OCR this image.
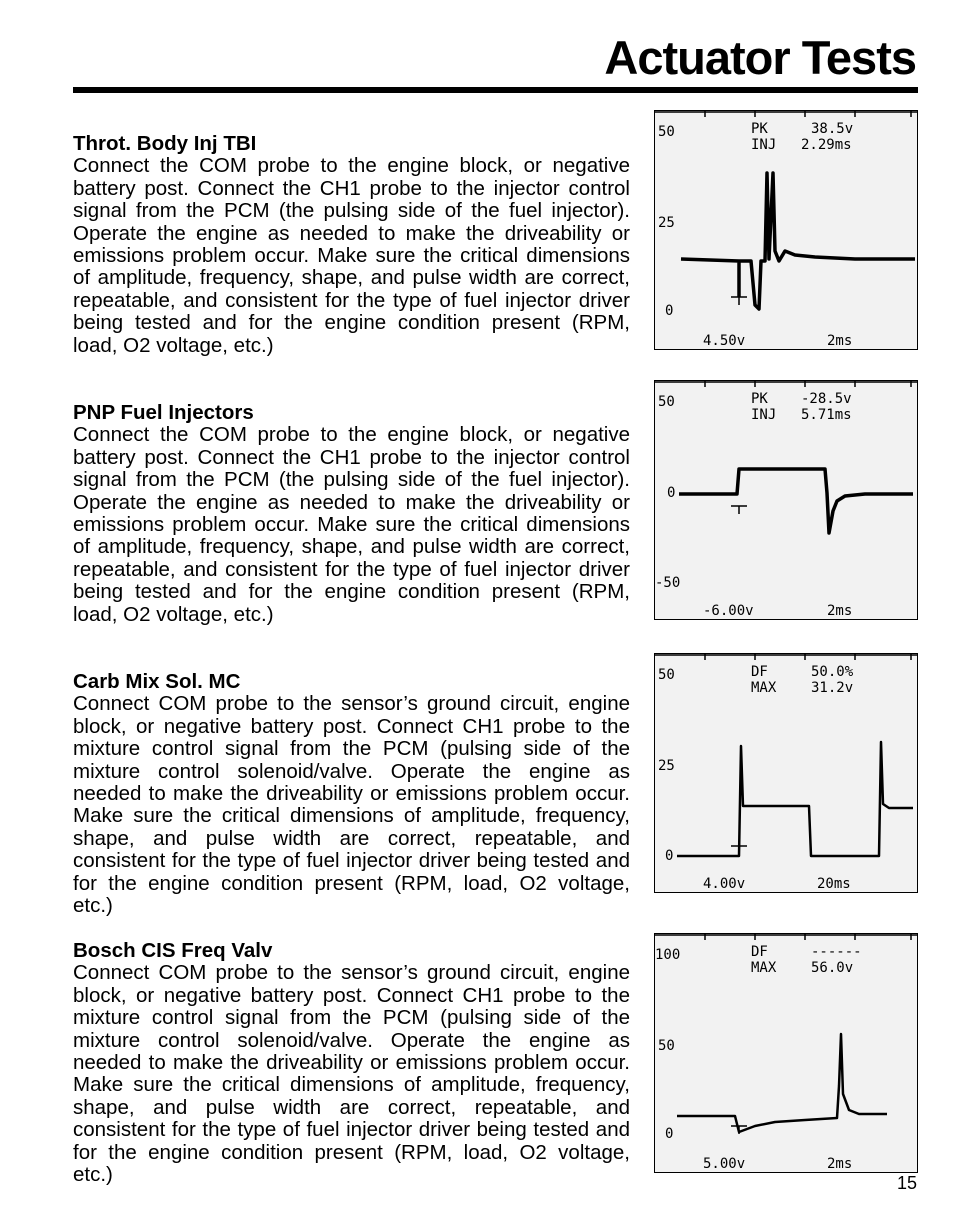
Actuator Tests
Throt. Body Inj TBI

Connect the COM probe to the engine block, or negative battery post. Connect the CH1 probe to the injector control signal from the PCM (the pulsing side of the fuel injector). Operate the engine as needed to make the driveability or emissions problem occur. Make sure the critical dimensions of amplitude, frequency, shape, and pulse width are correct, repeatable, and consistent for the type of fuel injector driver being tested and for the engine condition present (RPM, load, O2 voltage, etc.)

PNP Fuel Injectors

Connect the COM probe to the engine block, or negative battery post. Connect the CH1 probe to the injector control signal from the PCM (the pulsing side of the fuel injector). Operate the engine as needed to make the driveability or emissions problem occur. Make sure the critical dimensions of amplitude, frequency, shape, and pulse width are correct, repeatable, and consistent for the type of fuel injector driver being tested and for the engine condition present (RPM, load, O2 voltage, etc.)

Carb Mix Sol. MC

Connect COM probe to the sensor’s ground circuit, engine block, or negative battery post. Connect CH1 probe to the mixture control signal from the PCM (pulsing side of the mixture control solenoid/valve. Operate the engine as needed to make the driveability or emissions problem occur. Make sure the critical dimensions of amplitude, frequency, shape, and pulse width are correct, repeatable, and consistent for the type of fuel injector driver being tested and for the engine condition present (RPM, load, O2 voltage, etc.)

Bosch CIS Freq Valv

Connect COM probe to the sensor’s ground circuit, engine block, or negative battery post. Connect CH1 probe to the mixture control signal from the PCM (pulsing side of the mixture control solenoid/valve. Operate the engine as needed to make the driveability or emissions problem occur. Make sure the critical dimensions of amplitude, frequency, shape, and pulse width are correct, repeatable, and consistent for the type of fuel injector driver being tested and for the engine condition present (RPM, load, O2 voltage, etc.)

50
25
0
PK	38.5v
INJ 2.29ms
4.50v	2ms
50
0
-50
PK -28.5v
INJ 5.71ms
-6.00v	2ms
50
25
0
DF	50.0%
MAX 31.2v
4.00v	20ms
100
50
0
DF	------
MAX 56.0v
5.00v	2ms
15
